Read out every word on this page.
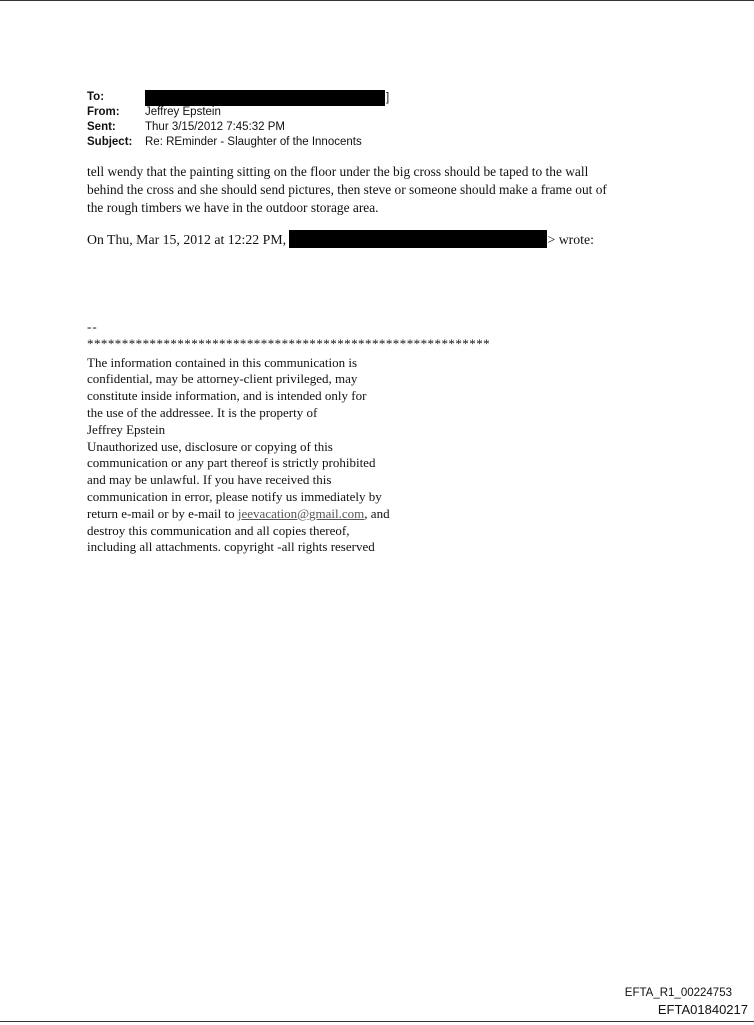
To:	]
From:	Jeffrey Epstein
Sent:	Thur 3/15/2012 7:45:32 PM
Subject:	Re: REminder - Slaughter of the Innocents

tell wendy that the painting sitting on the floor under the big cross should be taped to the wall

behind the cross and she should send pictures, then steve or someone should make a frame out of

the rough timbers we have in the outdoor storage area.

On Thu, Mar 15, 2012 at 12:22 PM,	> wrote:
--
**********************************************************
The information contained in this communication is
confidential, may be attorney-client privileged, may
constitute inside information, and is intended only for
the use of the addressee. It is the property of
Jeffrey Epstein
Unauthorized use, disclosure or copying of this
communication or any part thereof is strictly prohibited
and may be unlawful. If you have received this
communication in error, please notify us immediately by
return e-mail or by e-mail to jeevacation@gmail.com, and
destroy this communication and all copies thereof,
including all attachments. copyright -all rights reserved
EFTA_R1_00224753
EFTA01840217
